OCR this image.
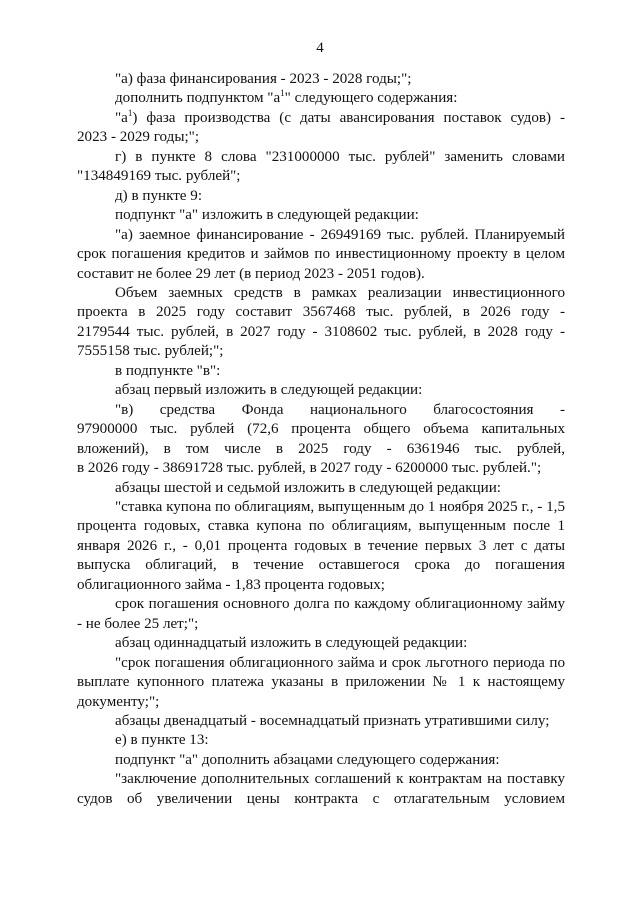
4

"а) фаза финансирования - 2023 - 2028 годы;";

дополнить подпунктом "$а^1$" следующего содержания:

"$а^1$) фаза производства (с даты авансирования поставок судов) -
2023 - 2029 годы;";
г) в пункте 8 слова "231000000 тыс. рублей" заменить словами
"134849169 тыс. рублей";

д) в пункте 9:

подпункт "а" изложить в следующей редакции:

"а) заемное финансирование - 26949169 тыс. рублей. Планируемый срок погашения кредитов и займов по инвестиционному проекту в целом составит не более 29 лет (в период 2023 - 2051 годов).

Объем заемных средств в рамках реализации инвестиционного
проекта в 2025 году составит 3567468 тыс. рублей, в 2026 году -
2179544 тыс. рублей, в 2027 году - 3108602 тыс. рублей, в 2028 году -
7555158 тыс. рублей;";

в подпункте "в":

абзац первый изложить в следующей редакции:

"в) средства Фонда национального благосостояния -
97900000 тыс. рублей (72,6 процента общего объема капитальных
вложений), в том числе в 2025 году - 6361946 тыс. рублей,
в 2026 году - 38691728 тыс. рублей, в 2027 году - 6200000 тыс. рублей.";

абзацы шестой и седьмой изложить в следующей редакции:

"ставка купона по облигациям, выпущенным до 1 ноября 2025 г., - 1,5 процента годовых, ставка купона по облигациям, выпущенным после 1 января 2026 г., - 0,01 процента годовых в течение первых 3 лет с даты выпуска облигаций, в течение оставшегося срока до погашения облигационного займа - 1,83 процента годовых;

срок погашения основного долга по каждому облигационному займу - не более 25 лет;";

абзац одиннадцатый изложить в следующей редакции:

"срок погашения облигационного займа и срок льготного периода по выплате купонного платежа указаны в приложении № 1 к настоящему документу;";

абзацы двенадцатый - восемнадцатый признать утратившими силу;

е) в пункте 13:

подпункт "а" дополнить абзацами следующего содержания:

"заключение дополнительных соглашений к контрактам на поставку
судов об увеличении цены контракта с отлагательным условием
